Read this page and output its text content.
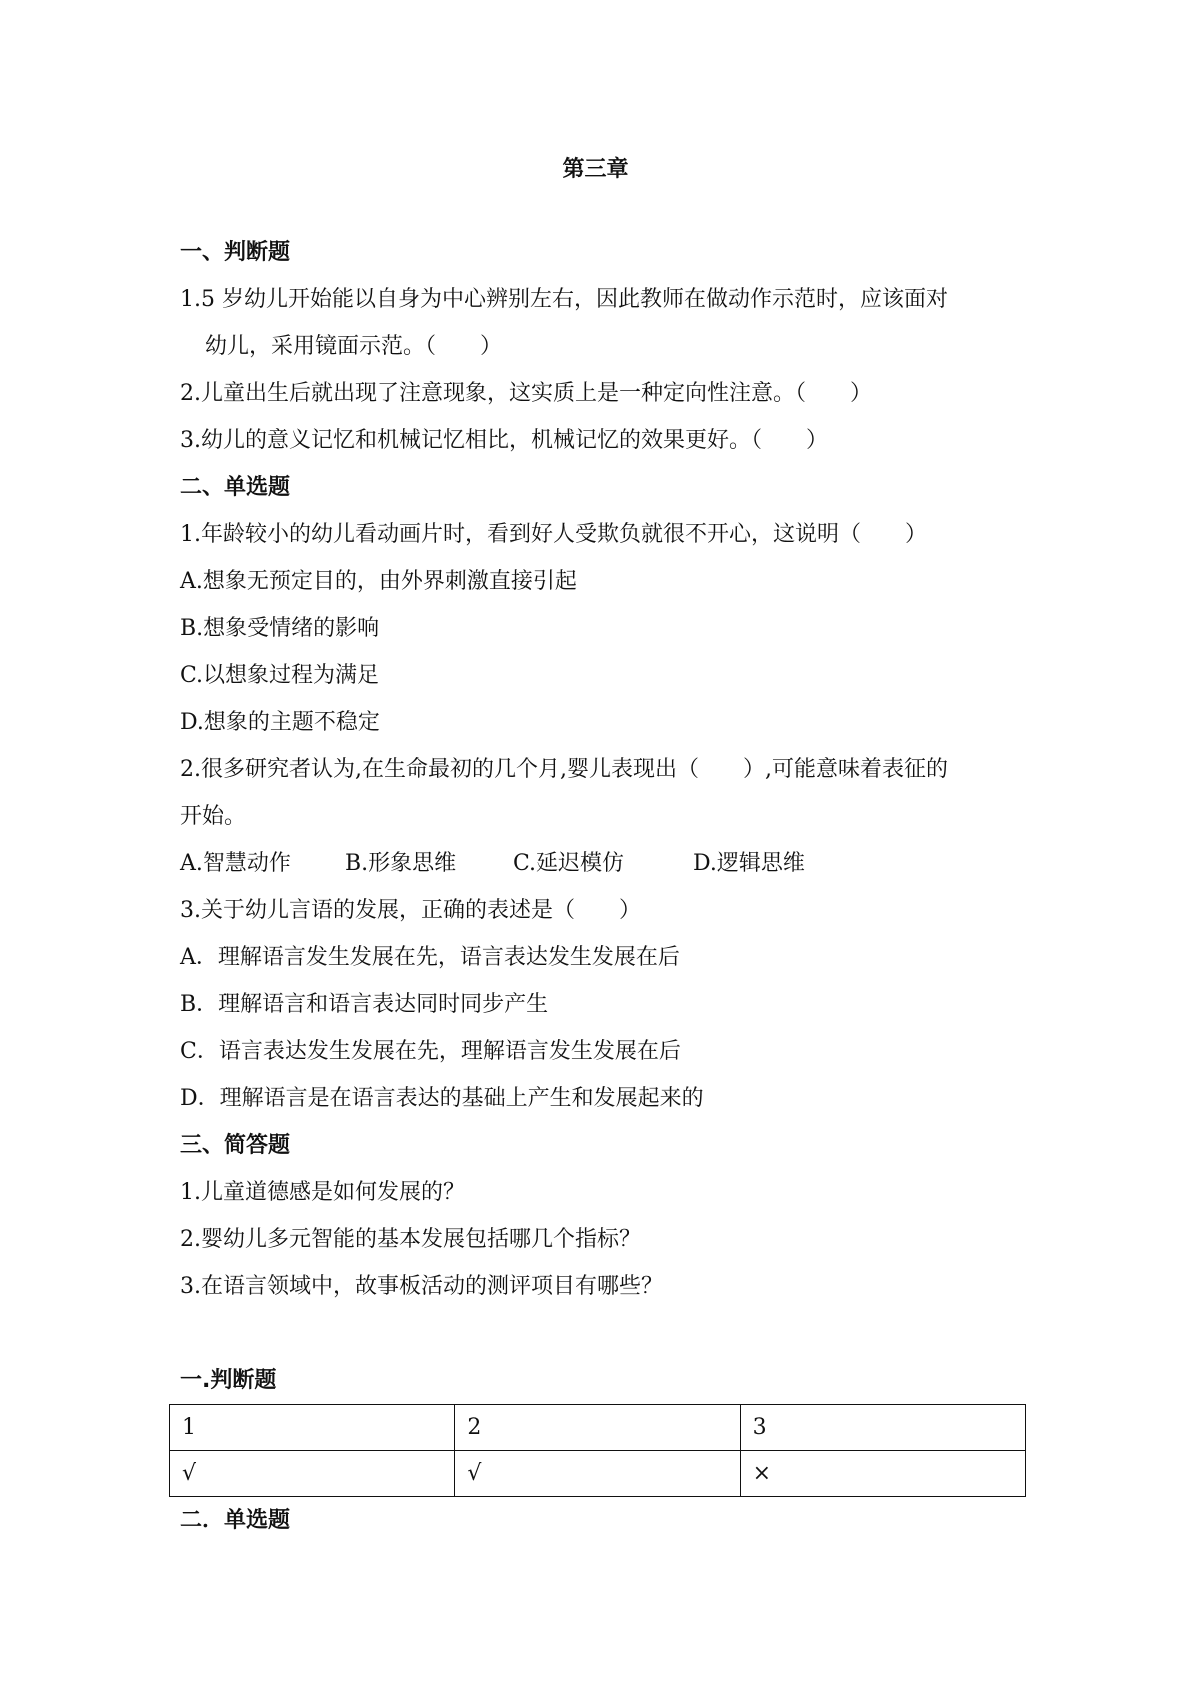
第三章
一、判断题
1.5 岁幼儿开始能以自身为中心辨别左右，因此教师在做动作示范时，应该面对
幼儿，采用镜面示范。（　　）
2.儿童出生后就出现了注意现象，这实质上是一种定向性注意。（　　）
3.幼儿的意义记忆和机械记忆相比，机械记忆的效果更好。（　　）
二、单选题
1.年龄较小的幼儿看动画片时，看到好人受欺负就很不开心，这说明（　　）
A.想象无预定目的，由外界刺激直接引起
B.想象受情绪的影响
C.以想象过程为满足
D.想象的主题不稳定
2.很多研究者认为,在生命最初的几个月,婴儿表现出（　　）,可能意味着表征的
开始。
A.智慧动作 B.形象思维	C.延迟模仿	D.逻辑思维
3.关于幼儿言语的发展，正确的表述是（　　）
A．理解语言发生发展在先，语言表达发生发展在后
B．理解语言和语言表达同时同步产生
C．语言表达发生发展在先，理解语言发生发展在后
D．理解语言是在语言表达的基础上产生和发展起来的
三、简答题
1.儿童道德感是如何发展的？
2.婴幼儿多元智能的基本发展包括哪几个指标？
3.在语言领域中，故事板活动的测评项目有哪些？
一.判断题
1	2	3
√	√	×
二．单选题
